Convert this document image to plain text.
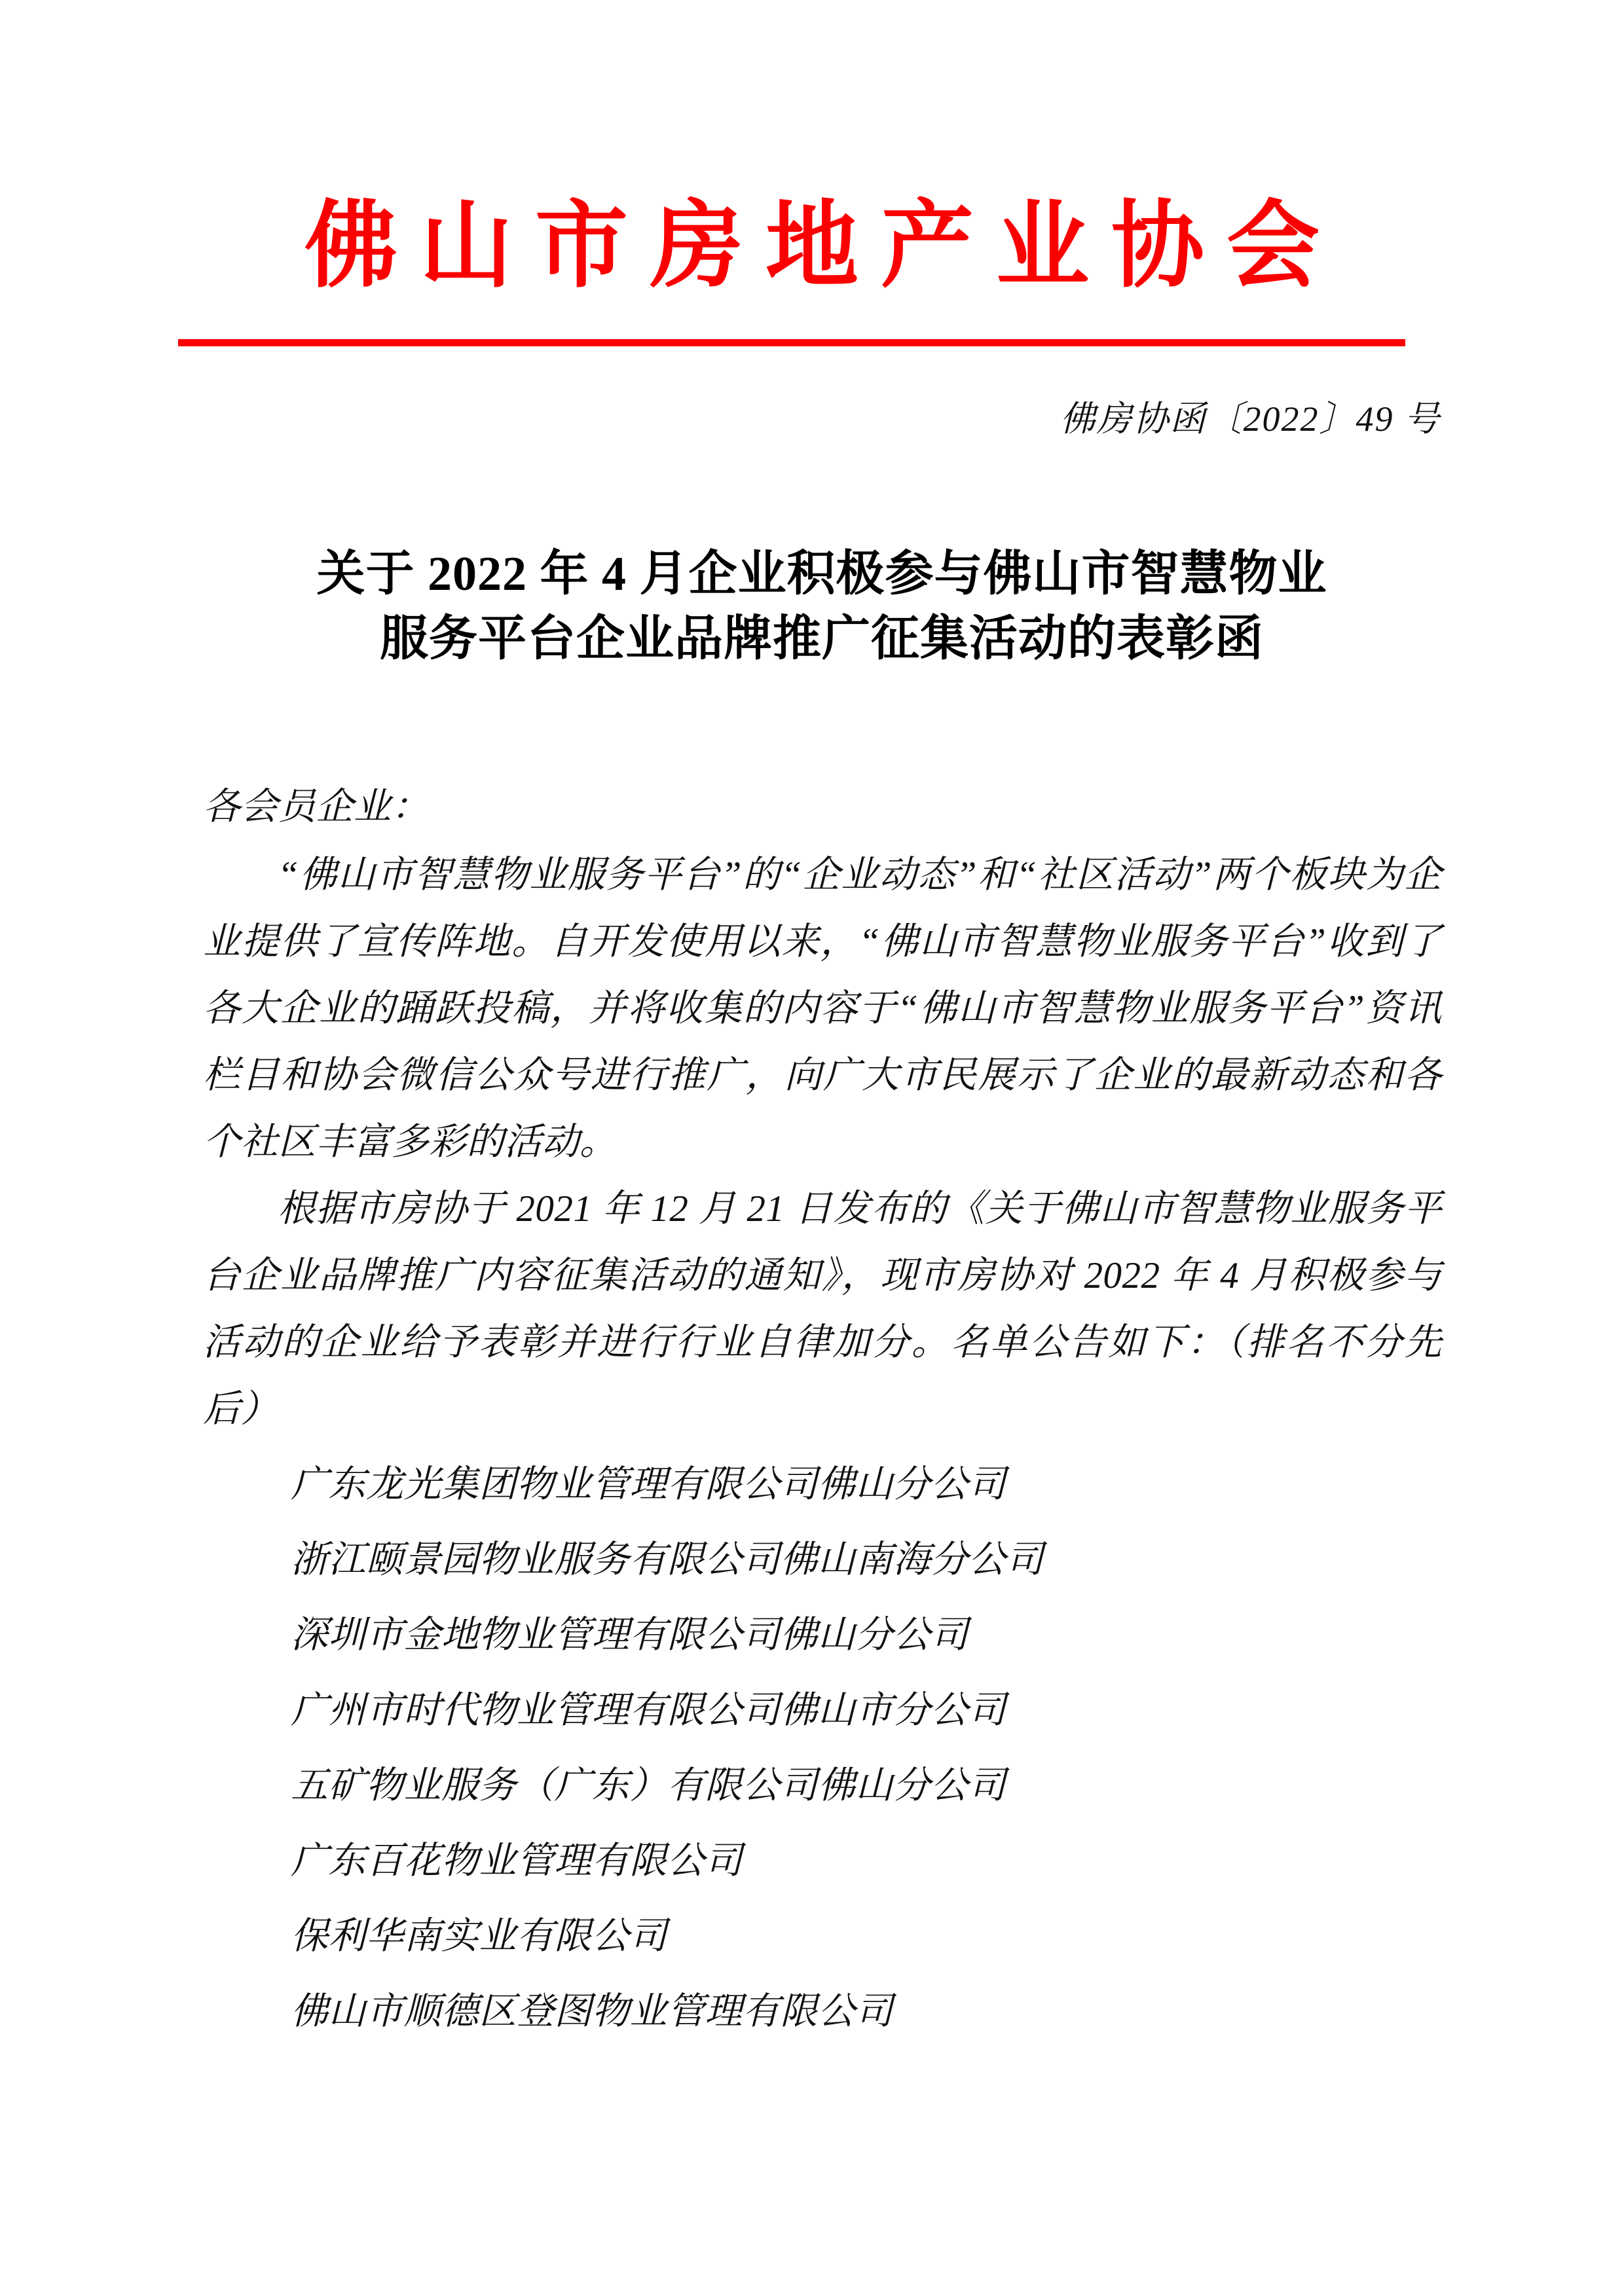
佛山市房地产业协会
佛房协函〔2022〕49 号
关于 2022 年 4 月企业积极参与佛山市智慧物业
服务平台企业品牌推广征集活动的表彰函
各会员企业：

“佛山市智慧物业服务平台”的“企业动态”和“社区活动”两个板块为企业提供了宣传阵地。自开发使用以来，“佛山市智慧物业服务平台”收到了各大企业的踊跃投稿，并将收集的内容于“佛山市智慧物业服务平台”资讯栏目和协会微信公众号进行推广，向广大市民展示了企业的最新动态和各个社区丰富多彩的活动。

根据市房协于 2021 年 12 月 21 日发布的《关于佛山市智慧物业服务平台企业品牌推广内容征集活动的通知》，现市房协对 2022 年 4 月积极参与活动的企业给予表彰并进行行业自律加分。名单公告如下：（排名不分先后）

广东龙光集团物业管理有限公司佛山分公司
浙江颐景园物业服务有限公司佛山南海分公司
深圳市金地物业管理有限公司佛山分公司
广州市时代物业管理有限公司佛山市分公司
五矿物业服务（广东）有限公司佛山分公司
广东百花物业管理有限公司
保利华南实业有限公司
佛山市顺德区登图物业管理有限公司
